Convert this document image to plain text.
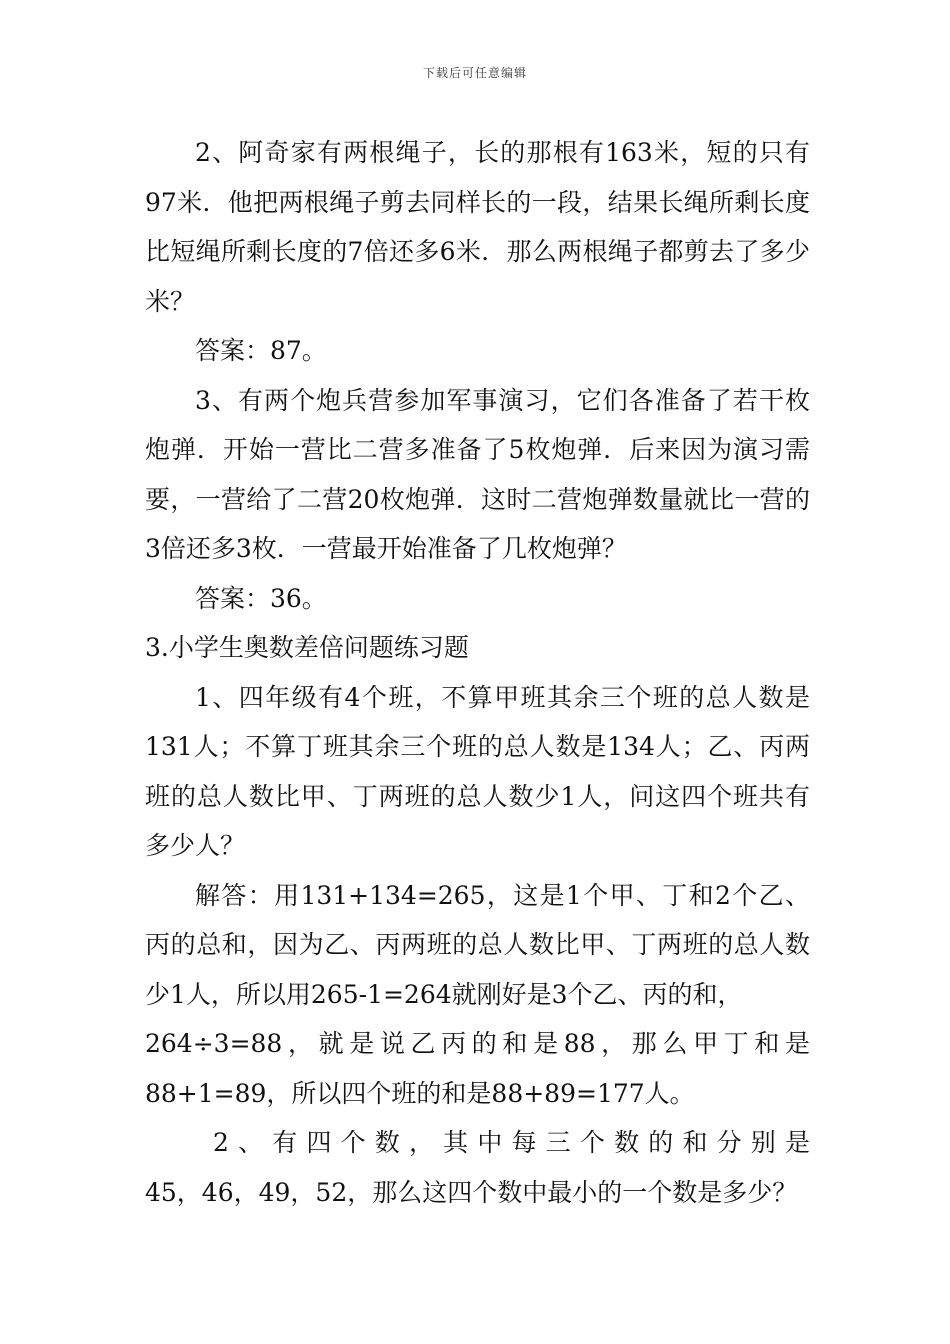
下载后可任意编辑

2、阿奇家有两根绳子，长的那根有163米，短的只有97米．他把两根绳子剪去同样长的一段，结果长绳所剩长度比短绳所剩长度的7倍还多6米．那么两根绳子都剪去了多少米？

答案：87。

3、有两个炮兵营参加军事演习，它们各准备了若干枚炮弹．开始一营比二营多准备了5枚炮弹．后来因为演习需要，一营给了二营20枚炮弹．这时二营炮弹数量就比一营的3倍还多3枚．一营最开始准备了几枚炮弹？

答案：36。

3.小学生奥数差倍问题练习题

1、四年级有4个班，不算甲班其余三个班的总人数是131人；不算丁班其余三个班的总人数是134人；乙、丙两班的总人数比甲、丁两班的总人数少1人，问这四个班共有多少人？

解答：用131+134=265，这是1个甲、丁和2个乙、丙的总和，因为乙、丙两班的总人数比甲、丁两班的总人数少1人，所以用265-1=264就刚好是3个乙、丙的和，

264÷3=88，就是说乙丙的和是88，那么甲丁和是

88+1=89，所以四个班的和是88+89=177人。

2、有四个数，其中每三个数的和分别是

45，46，49，52，那么这四个数中最小的一个数是多少？
